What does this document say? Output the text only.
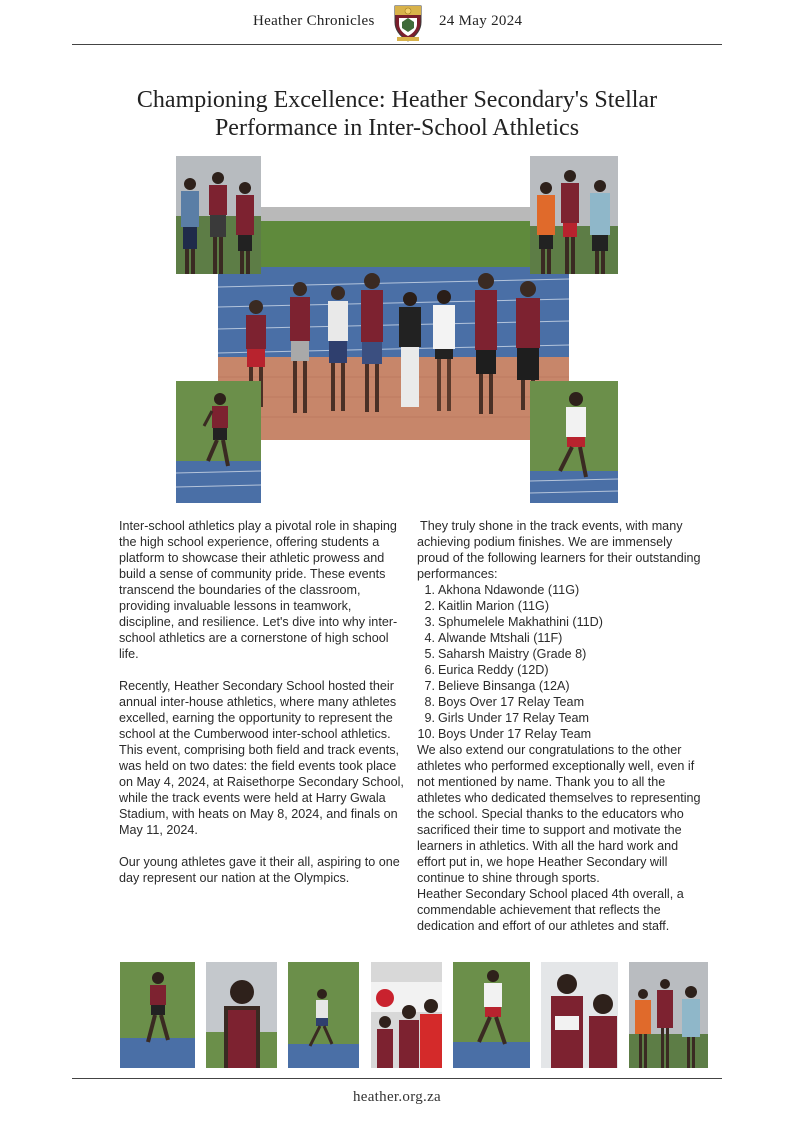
Heather Chronicles	24 May 2024
Championing Excellence: Heather Secondary's Stellar
Performance in Inter-School Athletics

Inter-school athletics play a pivotal role in shaping the high school experience, offering students a platform to showcase their athletic prowess and build a sense of community pride. These events transcend the boundaries of the classroom, providing invaluable lessons in teamwork, discipline, and resilience. Let's dive into why inter-school athletics are a cornerstone of high school life.

Recently, Heather Secondary School hosted their annual inter-house athletics, where many athletes excelled, earning the opportunity to represent the school at the Cumberwood inter-school athletics. This event, comprising both field and track events, was held on two dates: the field events took place on May 4, 2024, at Raisethorpe Secondary School, while the track events were held at Harry Gwala Stadium, with heats on May 8, 2024, and finals on May 11, 2024.

Our young athletes gave it their all, aspiring to one day represent our nation at the Olympics.

They truly shone in the track events, with many achieving podium finishes. We are immensely proud of the following learners for their outstanding performances:

1. Akhona Ndawonde (11G)
2. Kaitlin Marion (11G)
3. Sphumelele Makhathini (11D)
4. Alwande Mtshali (11F)
5. Saharsh Maistry (Grade 8)
6. Eurica Reddy (12D)
7. Believe Binsanga (12A)
8. Boys Over 17 Relay Team
9. Girls Under 17 Relay Team
10. Boys Under 17 Relay Team

We also extend our congratulations to the other athletes who performed exceptionally well, even if not mentioned by name. Thank you to all the athletes who dedicated themselves to representing the school. Special thanks to the educators who sacrificed their time to support and motivate the learners in athletics. With all the hard work and effort put in, we hope Heather Secondary will continue to shine through sports.

Heather Secondary School placed 4th overall, a commendable achievement that reflects the dedication and effort of our athletes and staff.

heather.org.za
